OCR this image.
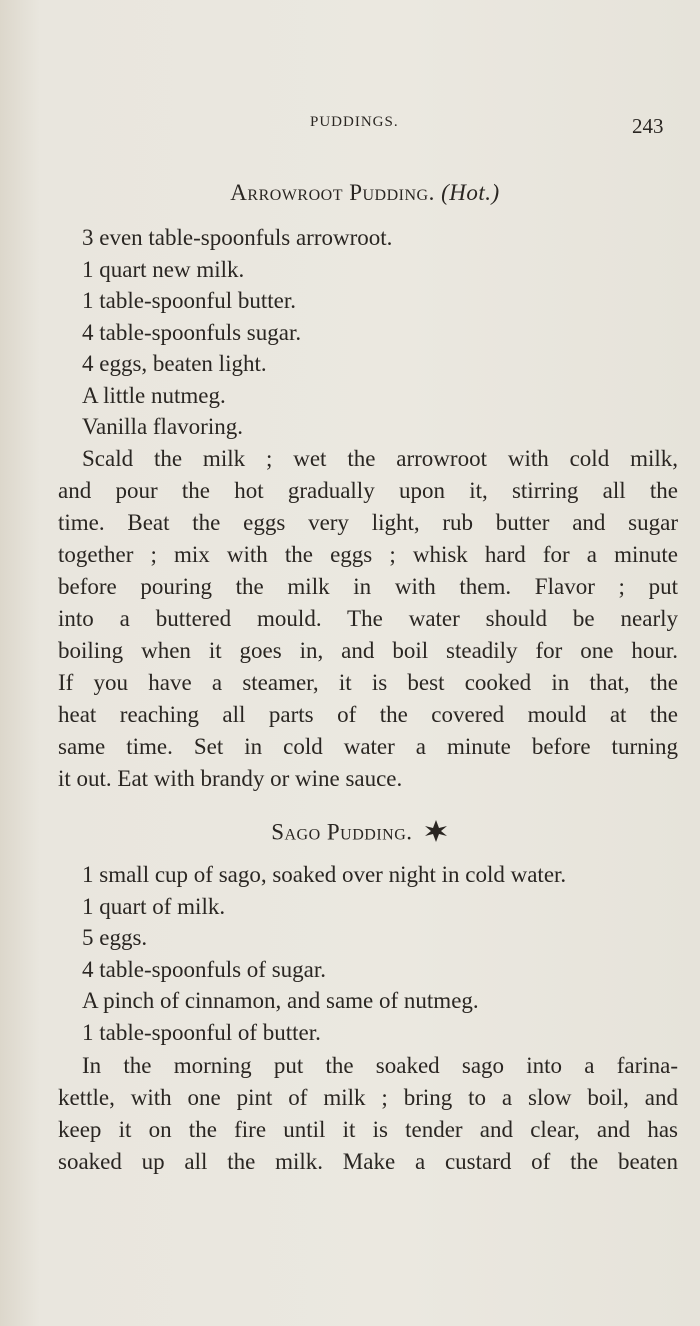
PUDDINGS.	243
Arrowroot Pudding. (Hot.)
3 even table-spoonfuls arrowroot.
1 quart new milk.
1 table-spoonful butter.
4 table-spoonfuls sugar.
4 eggs, beaten light.
A little nutmeg.
Vanilla flavoring.

Scald the milk ; wet the arrowroot with cold milk,
and pour the hot gradually upon it, stirring all the
time. Beat the eggs very light, rub butter and sugar
together ; mix with the eggs ; whisk hard for a minute
before pouring the milk in with them. Flavor ; put
into a buttered mould. The water should be nearly
boiling when it goes in, and boil steadily for one hour.
If you have a steamer, it is best cooked in that, the
heat reaching all parts of the covered mould at the
same time. Set in cold water a minute before turning
it out. Eat with brandy or wine sauce.

Sago Pudding.
1 small cup of sago, soaked over night in cold water.
1 quart of milk.
5 eggs.
4 table-spoonfuls of sugar.
A pinch of cinnamon, and same of nutmeg.
1 table-spoonful of butter.

In the morning put the soaked sago into a farina-
kettle, with one pint of milk ; bring to a slow boil, and
keep it on the fire until it is tender and clear, and has
soaked up all the milk. Make a custard of the beaten
